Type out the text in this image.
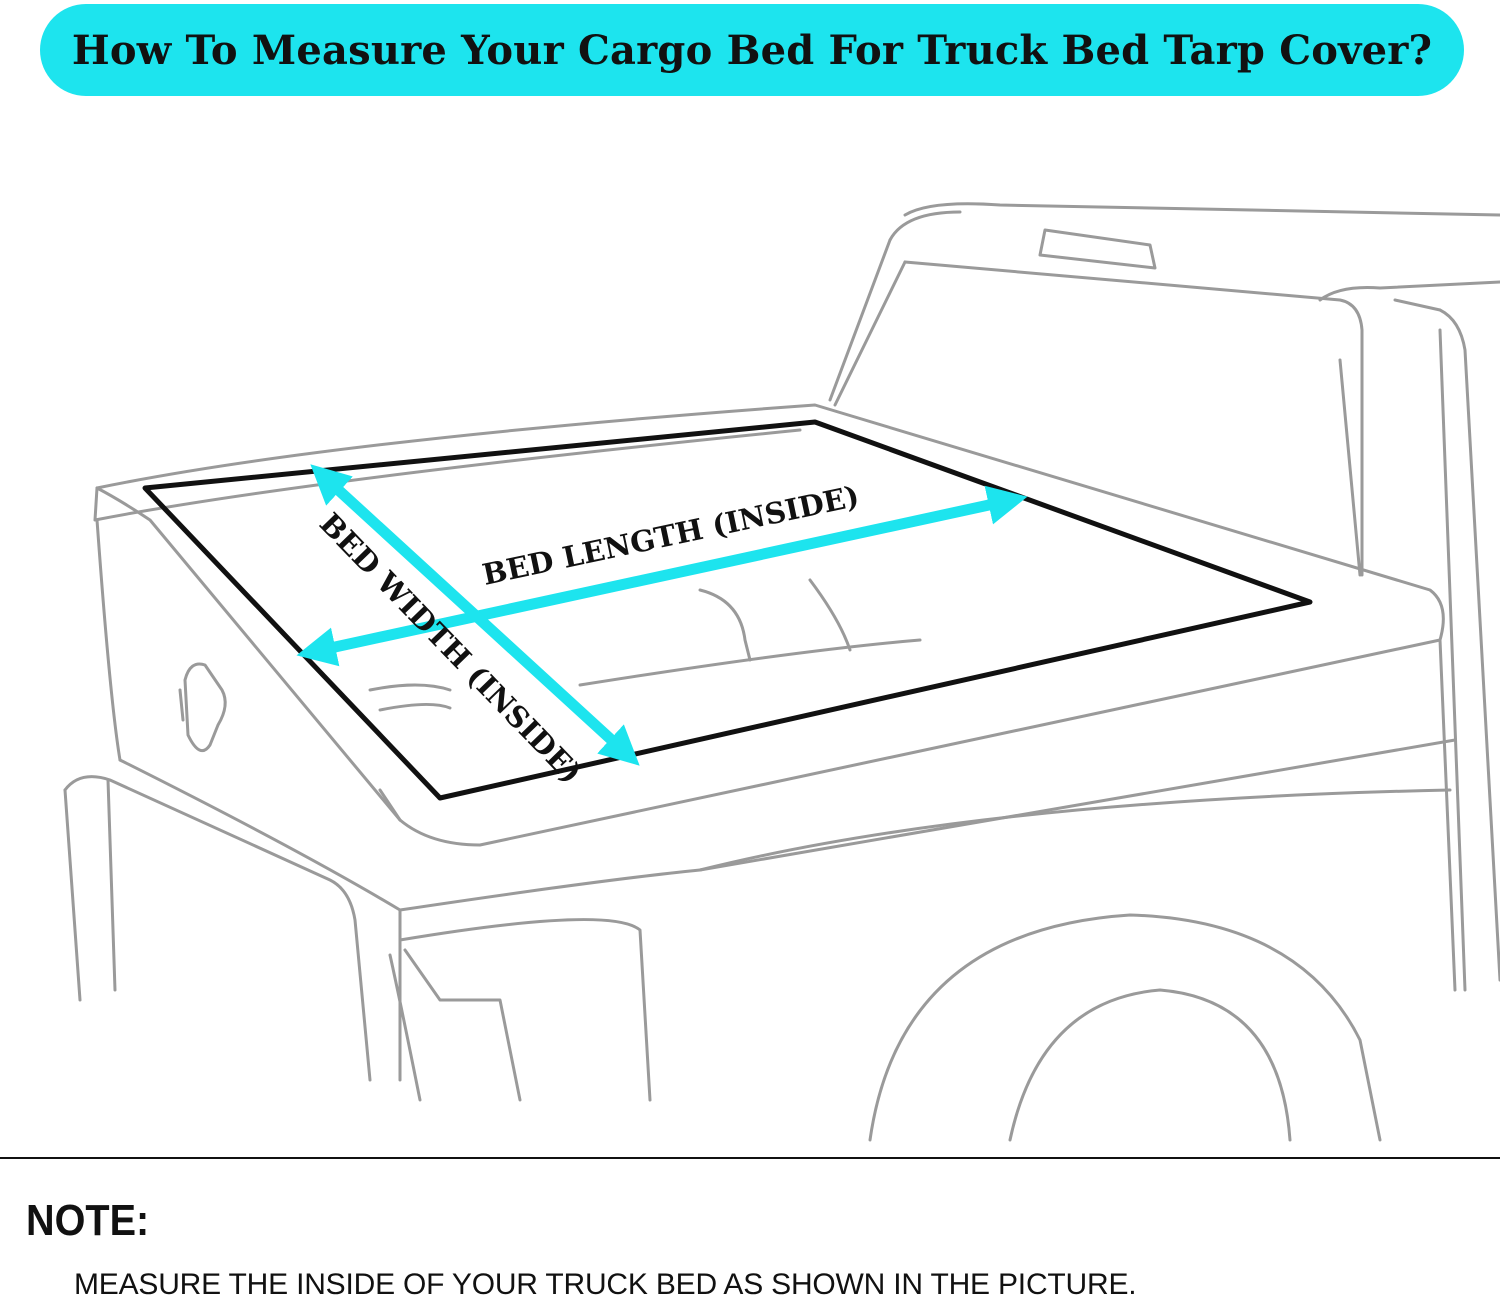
How To Measure Your Cargo Bed For Truck Bed Tarp Cover?
BED LENGTH (INSIDE)
BED WIDTH (INSIDE)
NOTE:
MEASURE THE INSIDE OF YOUR TRUCK BED AS SHOWN IN THE PICTURE.
